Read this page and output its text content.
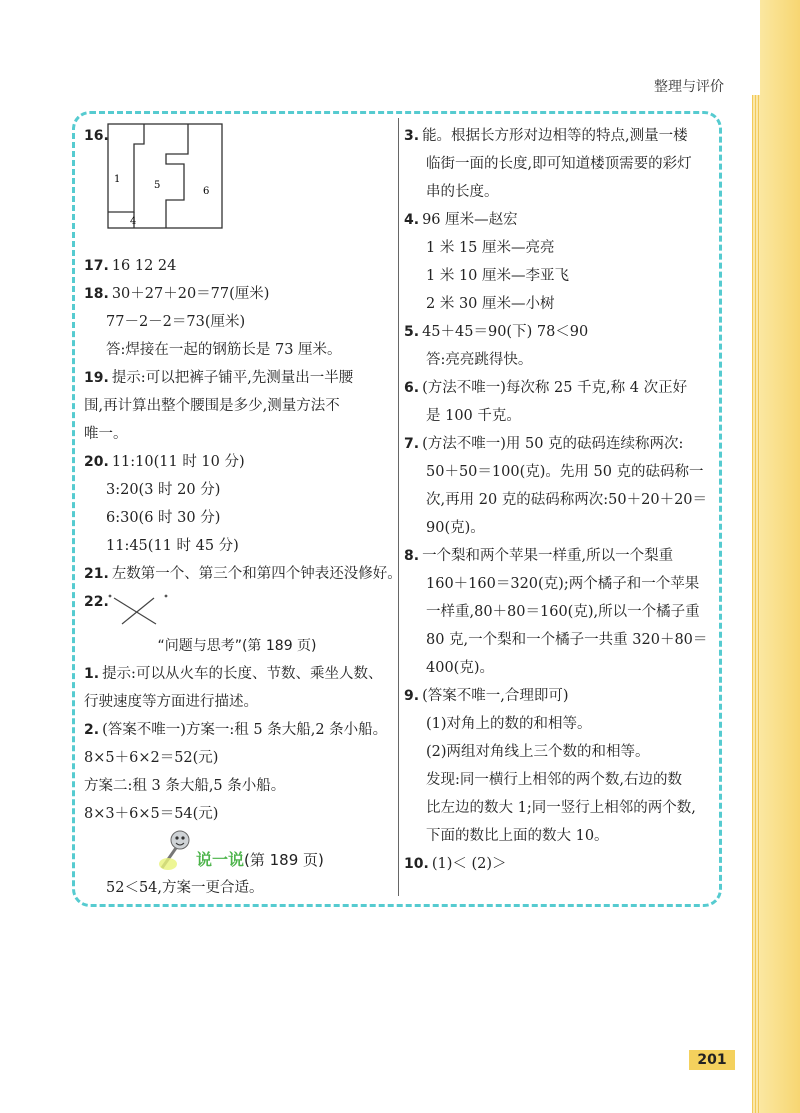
整理与评价
16.
1
5
6
4
17. 16 12 24
18. 30＋27＋20＝77(厘米)
77－2－2＝73(厘米)
答:焊接在一起的钢筋长是 73 厘米。
19. 提示:可以把裤子铺平,先测量出一半腰
围,再计算出整个腰围是多少,测量方法不
唯一。
20. 11:10(11 时 10 分)
3:20(3 时 20 分)
6:30(6 时 30 分)
11:45(11 时 45 分)
21. 左数第一个、第三个和第四个钟表还没修好。
22.
“问题与思考”(第 189 页)
1. 提示:可以从火车的长度、节数、乘坐人数、
行驶速度等方面进行描述。
2. (答案不唯一)方案一:租 5 条大船,2 条小船。
8×5＋6×2＝52(元)
方案二:租 3 条大船,5 条小船。
8×3＋6×5＝54(元)
说一说(第 189 页)
52＜54,方案一更合适。
3. 能。根据长方形对边相等的特点,测量一楼
临街一面的长度,即可知道楼顶需要的彩灯
串的长度。
4. 96 厘米—赵宏
1 米 15 厘米—亮亮
1 米 10 厘米—李亚飞
2 米 30 厘米—小树
5. 45＋45＝90(下) 78＜90
答:亮亮跳得快。
6. (方法不唯一)每次称 25 千克,称 4 次正好
是 100 千克。
7. (方法不唯一)用 50 克的砝码连续称两次:
50＋50＝100(克)。先用 50 克的砝码称一
次,再用 20 克的砝码称两次:50＋20＋20＝
90(克)。
8. 一个梨和两个苹果一样重,所以一个梨重
160＋160＝320(克);两个橘子和一个苹果
一样重,80＋80＝160(克),所以一个橘子重
80 克,一个梨和一个橘子一共重 320＋80＝
400(克)。
9. (答案不唯一,合理即可)
(1)对角上的数的和相等。
(2)两组对角线上三个数的和相等。
发现:同一横行上相邻的两个数,右边的数
比左边的数大 1;同一竖行上相邻的两个数,
下面的数比上面的数大 10。
10. (1)＜ (2)＞
201
